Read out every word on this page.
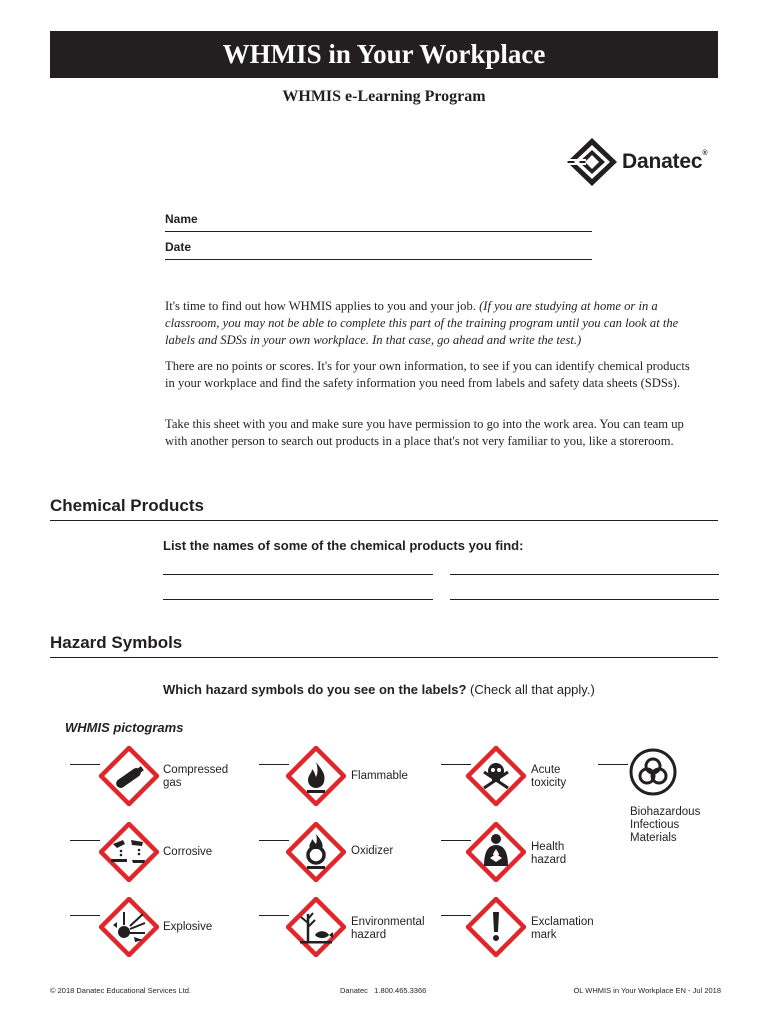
WHMIS in Your Workplace
WHMIS e-Learning Program
Danatec®
Name
Date
It's time to find out how WHMIS applies to you and your job. (If you are studying at home or in a classroom, you may not be able to complete this part of the training program until you can look at the labels and SDSs in your own workplace. In that case, go ahead and write the test.)
There are no points or scores. It's for your own information, to see if you can identify chemical products in your workplace and find the safety information you need from labels and safety data sheets (SDSs).
Take this sheet with you and make sure you have permission to go into the work area. You can team up with another person to search out products in a place that's not very familiar to you, like a storeroom.
Chemical Products
List the names of some of the chemical products you find:
Hazard Symbols
Which hazard symbols do you see on the labels? (Check all that apply.)
WHMIS pictograms
Compressed
gas
Flammable	Acute
toxicity
Biohazardous
Infectious
Materials
Corrosive	Oxidizer	Health
hazard
Explosive	Environmental
hazard
Exclamation
mark
© 2018 Danatec Educational Services Ltd.	Danatec   1.800.465.3366	OL WHMIS in Your Workplace EN - Jul 2018
